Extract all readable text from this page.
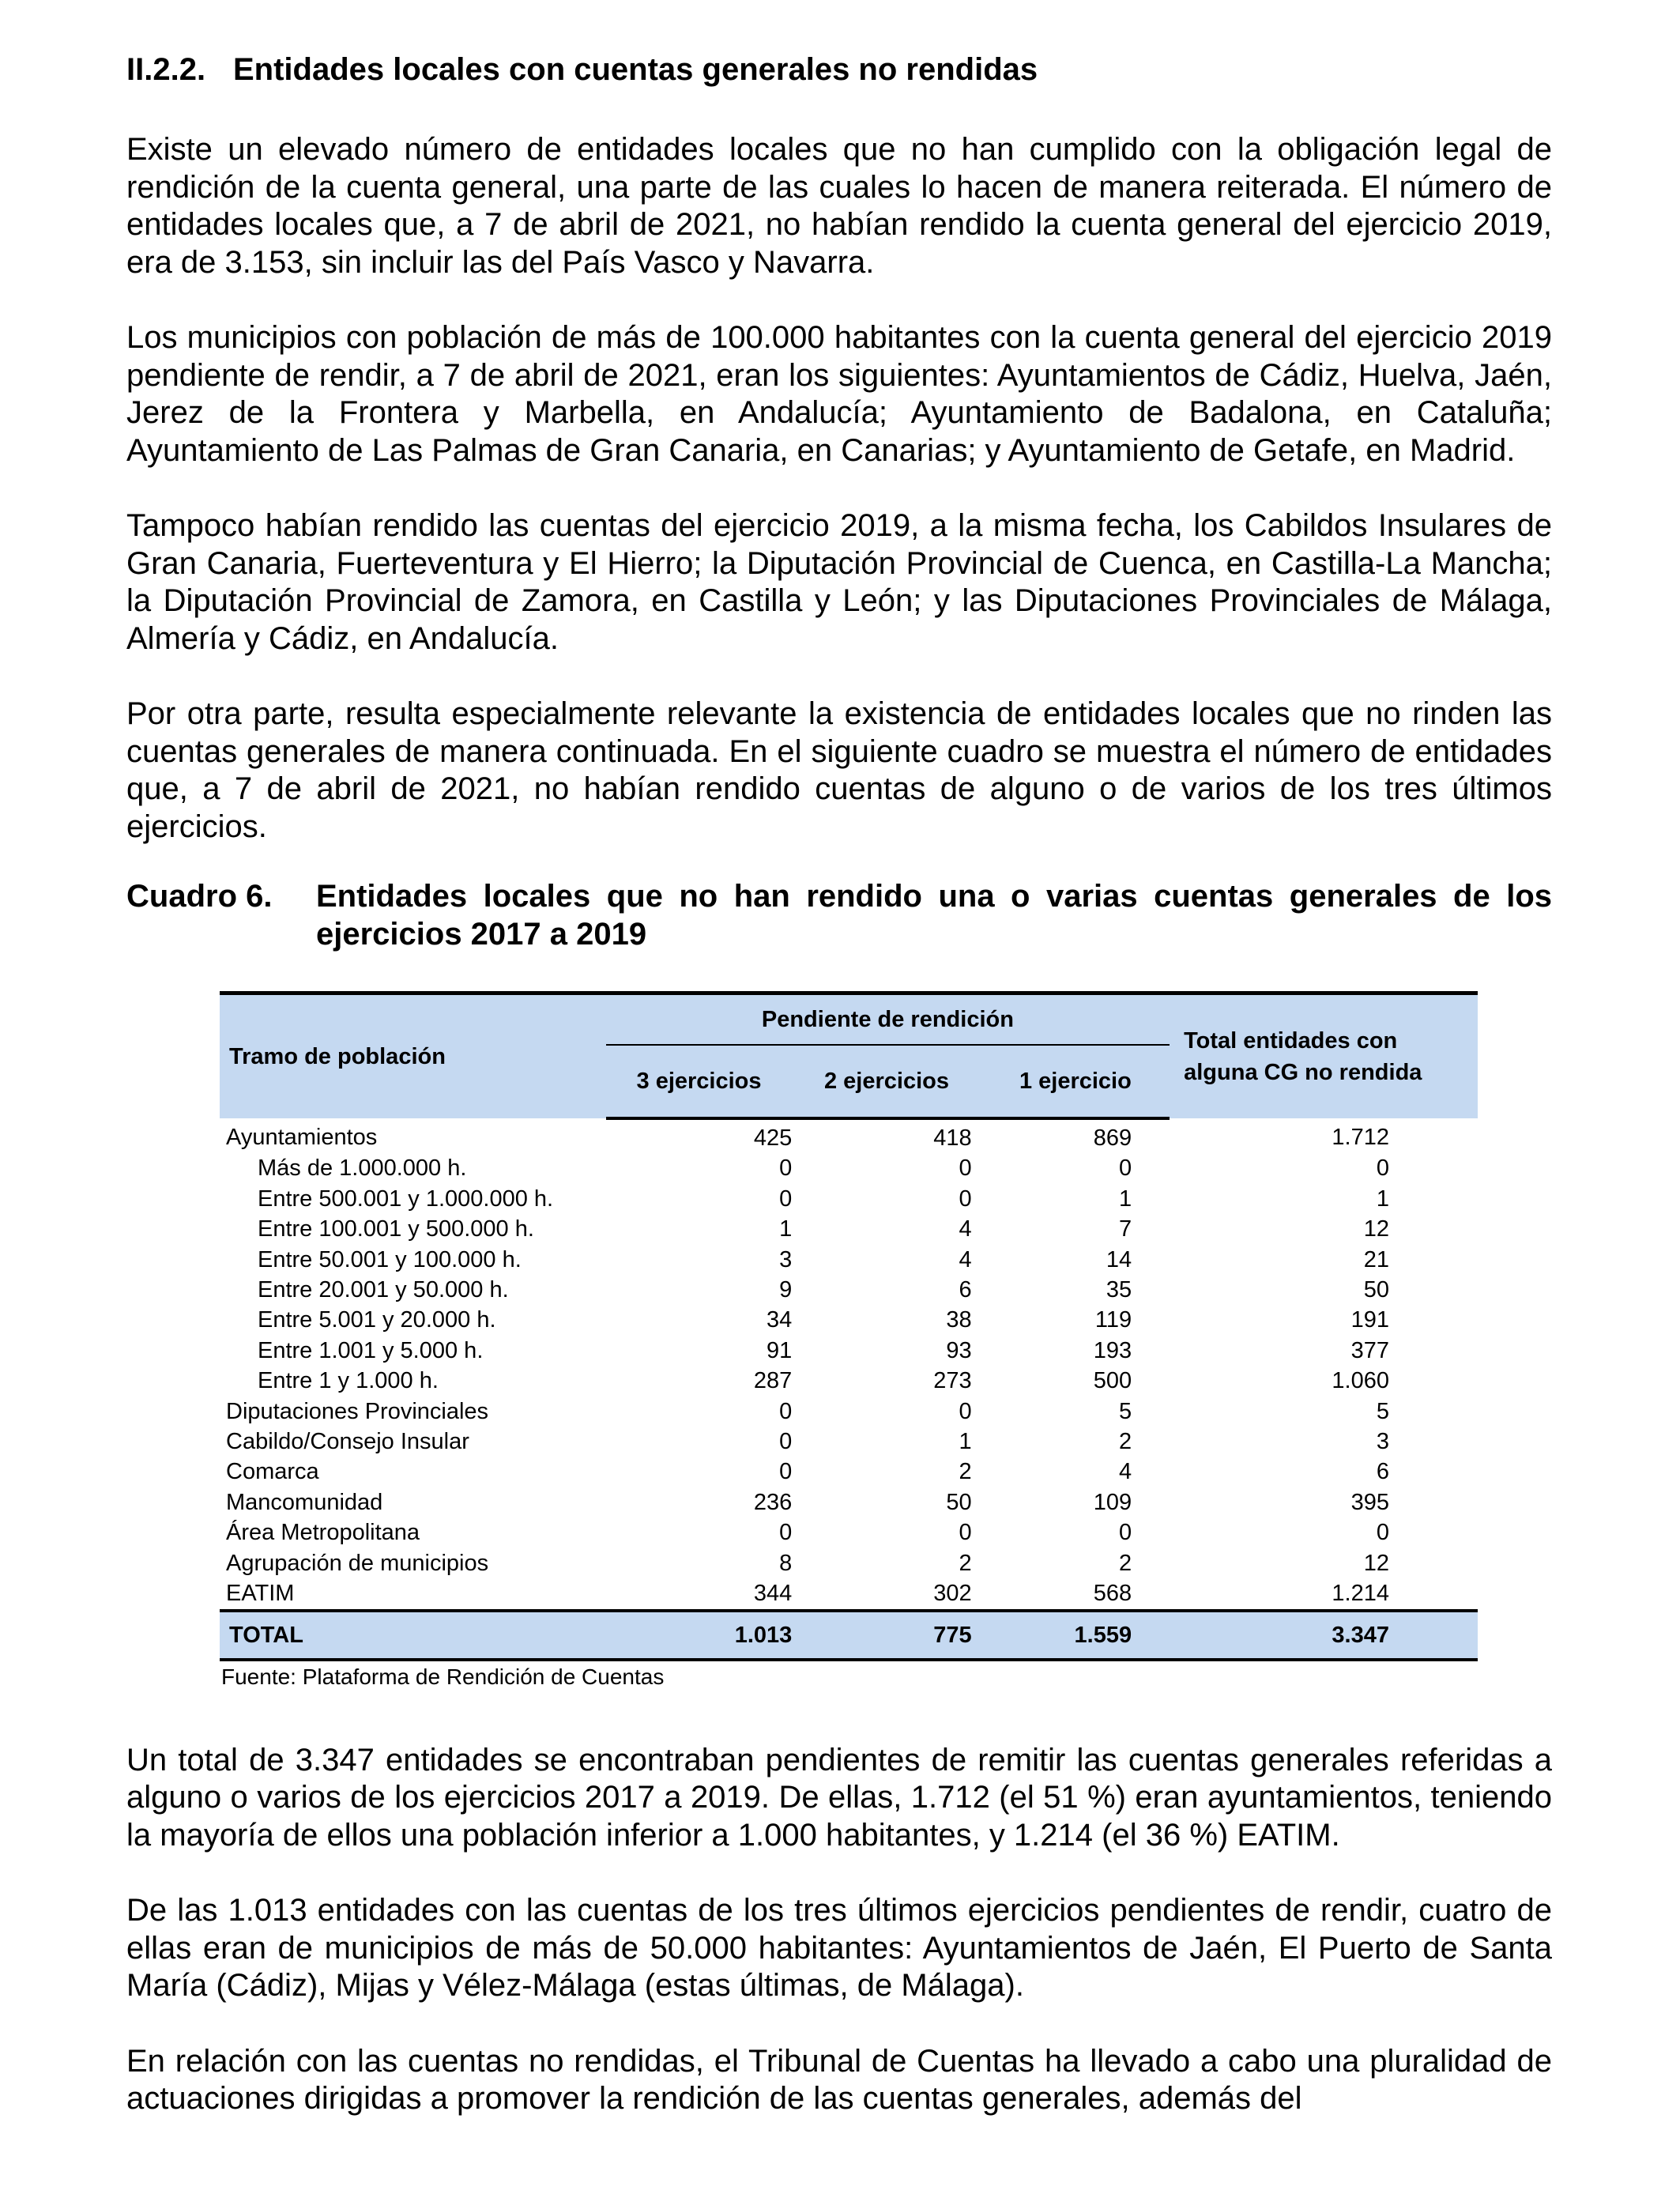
II.2.2. Entidades locales con cuentas generales no rendidas

Existe un elevado número de entidades locales que no han cumplido con la obligación legal de rendición de la cuenta general, una parte de las cuales lo hacen de manera reiterada. El número de entidades locales que, a 7 de abril de 2021, no habían rendido la cuenta general del ejercicio 2019, era de 3.153, sin incluir las del País Vasco y Navarra.

Los municipios con población de más de 100.000 habitantes con la cuenta general del ejercicio 2019 pendiente de rendir, a 7 de abril de 2021, eran los siguientes: Ayuntamientos de Cádiz, Huelva, Jaén, Jerez de la Frontera y Marbella, en Andalucía; Ayuntamiento de Badalona, en Cataluña; Ayuntamiento de Las Palmas de Gran Canaria, en Canarias; y Ayuntamiento de Getafe, en Madrid.

Tampoco habían rendido las cuentas del ejercicio 2019, a la misma fecha, los Cabildos Insulares de Gran Canaria, Fuerteventura y El Hierro; la Diputación Provincial de Cuenca, en Castilla-La Mancha; la Diputación Provincial de Zamora, en Castilla y León; y las Diputaciones Provinciales de Málaga, Almería y Cádiz, en Andalucía.

Por otra parte, resulta especialmente relevante la existencia de entidades locales que no rinden las cuentas generales de manera continuada. En el siguiente cuadro se muestra el número de entidades que, a 7 de abril de 2021, no habían rendido cuentas de alguno o de varios de los tres últimos ejercicios.

Cuadro 6.	Entidades locales que no han rendido una o varias cuentas generales de los ejercicios 2017 a 2019
Tramo de población	Pendiente de rendición			Total entidades con alguna CG no rendida
	3 ejercicios	2 ejercicios	1 ejercicio	
Ayuntamientos	425	418	869	1.712
Más de 1.000.000 h.	0	0	0	0
Entre 500.001 y 1.000.000 h.	0	0	1	1
Entre 100.001 y 500.000 h.	1	4	7	12
Entre 50.001 y 100.000 h.	3	4	14	21
Entre 20.001 y 50.000 h.	9	6	35	50
Entre 5.001 y 20.000 h.	34	38	119	191
Entre 1.001 y 5.000 h.	91	93	193	377
Entre 1 y 1.000 h.	287	273	500	1.060
Diputaciones Provinciales	0	0	5	5
Cabildo/Consejo Insular	0	1	2	3
Comarca	0	2	4	6
Mancomunidad	236	50	109	395
Área Metropolitana	0	0	0	0
Agrupación de municipios	8	2	2	12
EATIM	344	302	568	1.214
TOTAL	1.013	775	1.559	3.347
Fuente: Plataforma de Rendición de Cuentas

Un total de 3.347 entidades se encontraban pendientes de remitir las cuentas generales referidas a alguno o varios de los ejercicios 2017 a 2019. De ellas, 1.712 (el 51 %) eran ayuntamientos, teniendo la mayoría de ellos una población inferior a 1.000 habitantes, y 1.214 (el 36 %) EATIM.

De las 1.013 entidades con las cuentas de los tres últimos ejercicios pendientes de rendir, cuatro de ellas eran de municipios de más de 50.000 habitantes: Ayuntamientos de Jaén, El Puerto de Santa María (Cádiz), Mijas y Vélez-Málaga (estas últimas, de Málaga).

En relación con las cuentas no rendidas, el Tribunal de Cuentas ha llevado a cabo una pluralidad de actuaciones dirigidas a promover la rendición de las cuentas generales, además del
